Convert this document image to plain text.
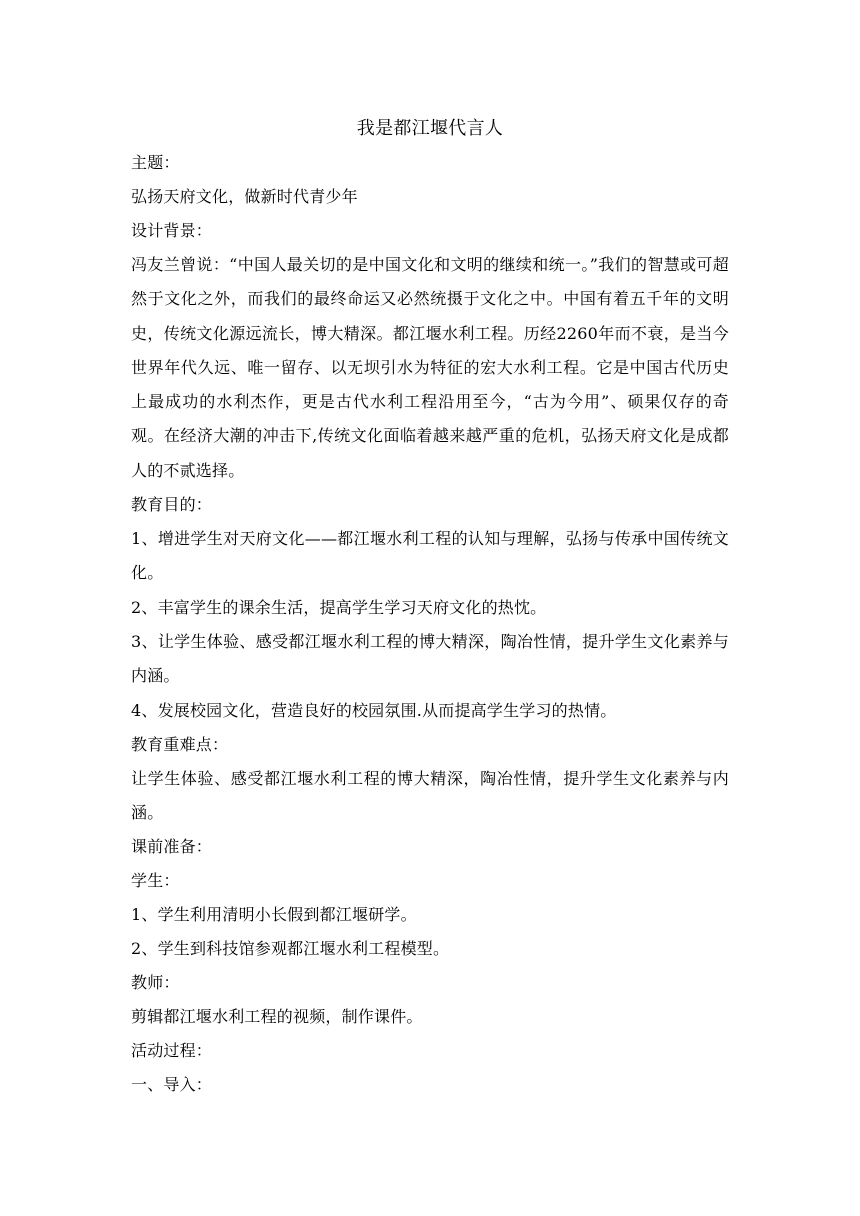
我是都江堰代言人

主题：

弘扬天府文化，做新时代青少年

设计背景：

冯友兰曾说：“中国人最关切的是中国文化和文明的继续和统一。”我们的智慧或可超然于文化之外，而我们的最终命运又必然统摄于文化之中。中国有着五千年的文明史，传统文化源远流长，博大精深。都江堰水利工程。历经2260年而不衰，是当今世界年代久远、唯一留存、以无坝引水为特征的宏大水利工程。它是中国古代历史上最成功的水利杰作，更是古代水利工程沿用至今，“古为今用”、硕果仅存的奇观。在经济大潮的冲击下,传统文化面临着越来越严重的危机，弘扬天府文化是成都人的不贰选择。

教育目的：

1、增进学生对天府文化——都江堰水利工程的认知与理解，弘扬与传承中国传统文化。

2、丰富学生的课余生活，提高学生学习天府文化的热忱。

3、让学生体验、感受都江堰水利工程的博大精深，陶冶性情，提升学生文化素养与内涵。

4、发展校园文化，营造良好的校园氛围.从而提高学生学习的热情。

教育重难点：

让学生体验、感受都江堰水利工程的博大精深，陶冶性情，提升学生文化素养与内涵。

课前准备：

学生：

1、学生利用清明小长假到都江堰研学。

2、学生到科技馆参观都江堰水利工程模型。

教师：

剪辑都江堰水利工程的视频，制作课件。

活动过程：

一、导入：
